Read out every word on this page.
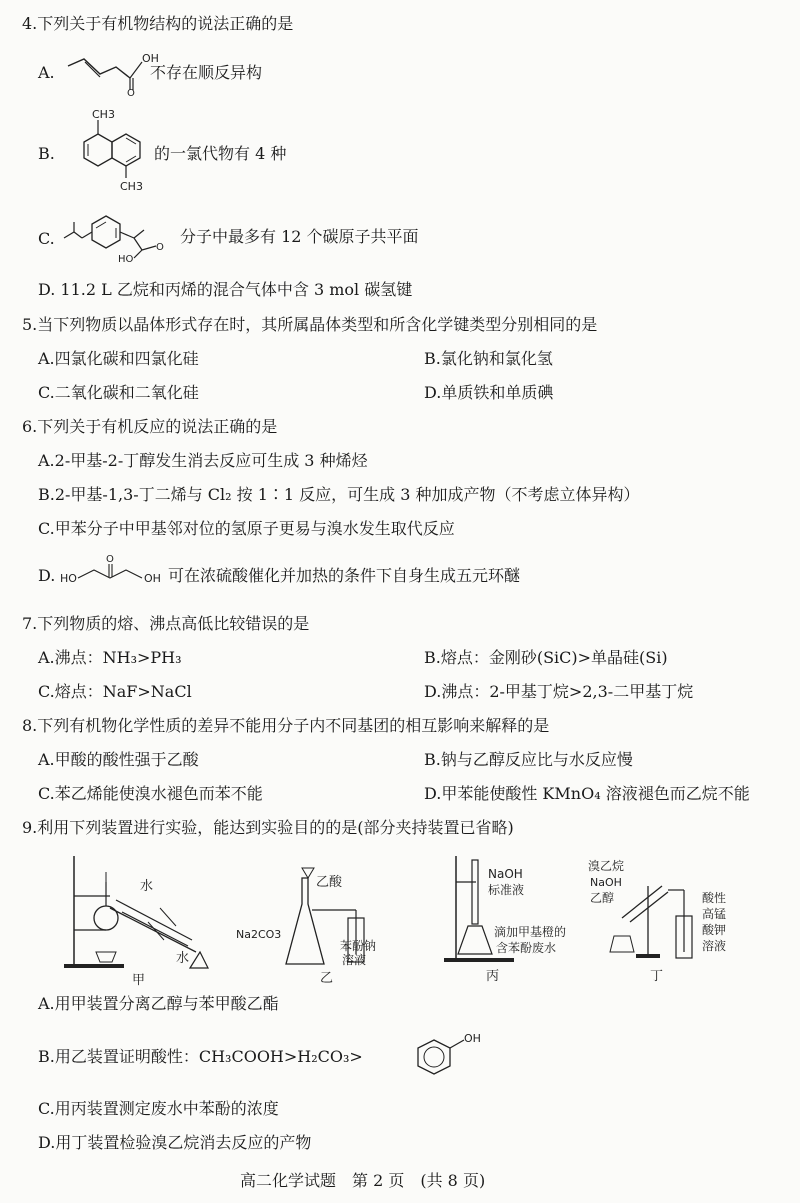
4.下列关于有机物结构的说法正确的是
A.
OH
O
不存在顺反异构
B.
CH3
CH3
的一氯代物有 4 种
C.	O
HO
分子中最多有 12 个碳原子共平面
D. 11.2 L 乙烷和丙烯的混合气体中含 3 mol 碳氢键
5.当下列物质以晶体形式存在时，其所属晶体类型和所含化学键类型分别相同的是
A.四氯化碳和四氯化硅	B.氯化钠和氯化氢
C.二氧化碳和二氧化硅	D.单质铁和单质碘
6.下列关于有机反应的说法正确的是
A.2-甲基-2-丁醇发生消去反应可生成 3 种烯烃
B.2-甲基-1,3-丁二烯与 Cl₂ 按 1∶1 反应，可生成 3 种加成产物（不考虑立体异构）
C.甲苯分子中甲基邻对位的氢原子更易与溴水发生取代反应
D. HO
O
OH 可在浓硫酸催化并加热的条件下自身生成五元环醚
7.下列物质的熔、沸点高低比较错误的是
A.沸点：NH₃>PH₃	B.熔点：金刚砂(SiC)>单晶硅(Si)
C.熔点：NaF>NaCl	D.沸点：2-甲基丁烷>2,3-二甲基丁烷
8.下列有机物化学性质的差异不能用分子内不同基团的相互影响来解释的是
A.甲酸的酸性强于乙酸	B.钠与乙醇反应比与水反应慢
C.苯乙烯能使溴水褪色而苯不能	D.甲苯能使酸性 KMnO₄ 溶液褪色而乙烷不能
9.利用下列装置进行实验，能达到实验目的的是(部分夹持装置已省略)
水
水
甲
乙酸
Na2CO3
苯酚钠
溶液
乙
NaOH
标准液
滴加甲基橙的
含苯酚废水
丙
溴乙烷
NaOH
乙醇	酸性
高锰
酸钾
溶液
丁
A.用甲装置分离乙醇与苯甲酸乙酯
B.用乙装置证明酸性：CH₃COOH>H₂CO₃>
OH
C.用丙装置测定废水中苯酚的浓度
D.用丁装置检验溴乙烷消去反应的产物
高二化学试题　第 2 页　(共 8 页)
